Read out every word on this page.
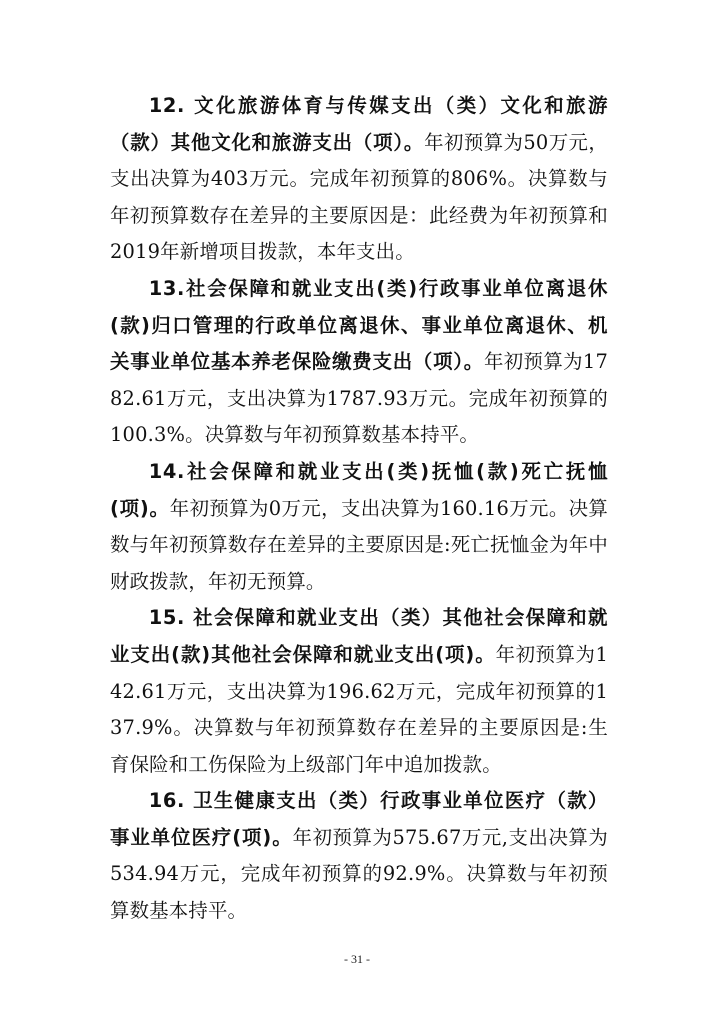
12. 文化旅游体育与传媒支出（类）文化和旅游（款）其他文化和旅游支出（项）。年初预算为50万元，支出决算为403万元。完成年初预算的806%。决算数与年初预算数存在差异的主要原因是：此经费为年初预算和2019年新增项目拨款，本年支出。

13.社会保障和就业支出(类)行政事业单位离退休(款)归口管理的行政单位离退休、事业单位离退休、机关事业单位基本养老保险缴费支出（项）。年初预算为1782.61万元，支出决算为1787.93万元。完成年初预算的100.3%。决算数与年初预算数基本持平。

14.社会保障和就业支出(类)抚恤(款)死亡抚恤(项)。年初预算为0万元，支出决算为160.16万元。决算数与年初预算数存在差异的主要原因是:死亡抚恤金为年中财政拨款，年初无预算。

15. 社会保障和就业支出（类）其他社会保障和就业支出(款)其他社会保障和就业支出(项)。年初预算为142.61万元，支出决算为196.62万元，完成年初预算的137.9%。决算数与年初预算数存在差异的主要原因是:生育保险和工伤保险为上级部门年中追加拨款。

16. 卫生健康支出（类）行政事业单位医疗（款）事业单位医疗(项)。年初预算为575.67万元,支出决算为534.94万元，完成年初预算的92.9%。决算数与年初预算数基本持平。

- 31 -
